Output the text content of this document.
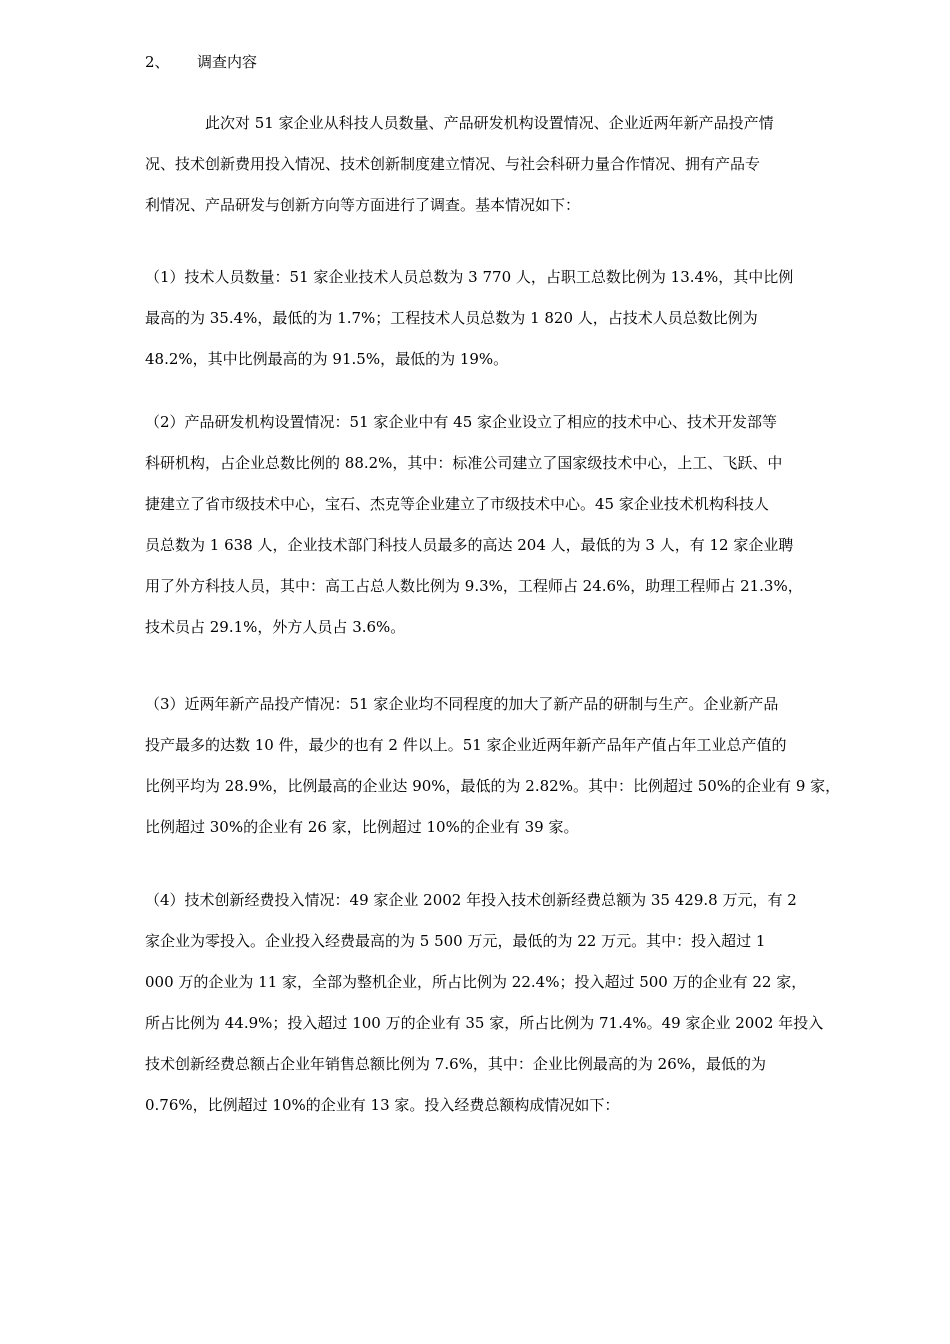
2、 调查内容
此次对 51 家企业从科技人员数量、产品研发机构设置情况、企业近两年新产品投产情
况、技术创新费用投入情况、技术创新制度建立情况、与社会科研力量合作情况、拥有产品专
利情况、产品研发与创新方向等方面进行了调查。基本情况如下：
（1）技术人员数量：51 家企业技术人员总数为 3 770 人，占职工总数比例为 13.4%，其中比例
最高的为 35.4%，最低的为 1.7%；工程技术人员总数为 1 820 人，占技术人员总数比例为
48.2%，其中比例最高的为 91.5%，最低的为 19%。
（2）产品研发机构设置情况：51 家企业中有 45 家企业设立了相应的技术中心、技术开发部等
科研机构，占企业总数比例的 88.2%，其中：标准公司建立了国家级技术中心，上工、飞跃、中
捷建立了省市级技术中心，宝石、杰克等企业建立了市级技术中心。45 家企业技术机构科技人
员总数为 1 638 人，企业技术部门科技人员最多的高达 204 人，最低的为 3 人，有 12 家企业聘
用了外方科技人员，其中：高工占总人数比例为 9.3%，工程师占 24.6%，助理工程师占 21.3%，
技术员占 29.1%，外方人员占 3.6%。
（3）近两年新产品投产情况：51 家企业均不同程度的加大了新产品的研制与生产。企业新产品
投产最多的达数 10 件，最少的也有 2 件以上。51 家企业近两年新产品年产值占年工业总产值的
比例平均为 28.9%，比例最高的企业达 90%，最低的为 2.82%。其中：比例超过 50%的企业有 9 家，
比例超过 30%的企业有 26 家，比例超过 10%的企业有 39 家。
（4）技术创新经费投入情况：49 家企业 2002 年投入技术创新经费总额为 35 429.8 万元，有 2
家企业为零投入。企业投入经费最高的为 5 500 万元，最低的为 22 万元。其中：投入超过 1
000 万的企业为 11 家，全部为整机企业，所占比例为 22.4%；投入超过 500 万的企业有 22 家，
所占比例为 44.9%；投入超过 100 万的企业有 35 家，所占比例为 71.4%。49 家企业 2002 年投入
技术创新经费总额占企业年销售总额比例为 7.6%，其中：企业比例最高的为 26%，最低的为
0.76%，比例超过 10%的企业有 13 家。投入经费总额构成情况如下：
